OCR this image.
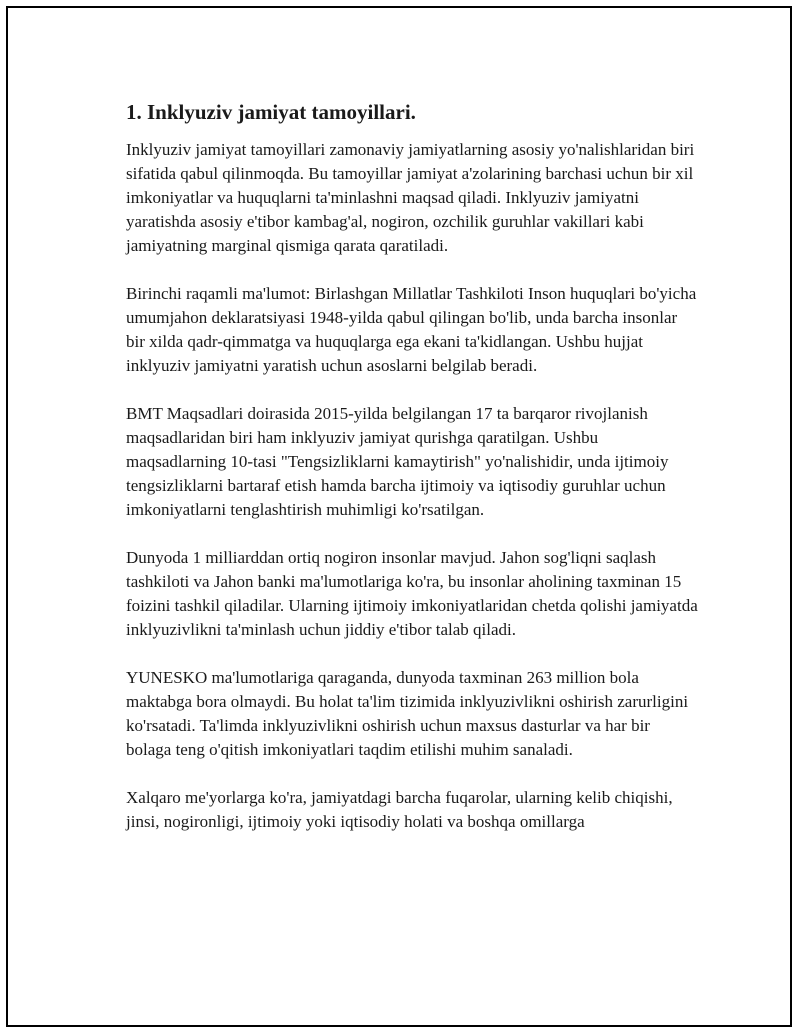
1. Inklyuziv jamiyat tamoyillari.

Inklyuziv jamiyat tamoyillari zamonaviy jamiyatlarning asosiy yo'nalishlaridan biri sifatida qabul qilinmoqda. Bu tamoyillar jamiyat a'zolarining barchasi uchun bir xil imkoniyatlar va huquqlarni ta'minlashni maqsad qiladi. Inklyuziv jamiyatni yaratishda asosiy e'tibor kambag'al, nogiron, ozchilik guruhlar vakillari kabi jamiyatning marginal qismiga qarata qaratiladi.

Birinchi raqamli ma'lumot: Birlashgan Millatlar Tashkiloti Inson huquqlari bo'yicha umumjahon deklaratsiyasi 1948-yilda qabul qilingan bo'lib, unda barcha insonlar bir xilda qadr-qimmatga va huquqlarga ega ekani ta'kidlangan. Ushbu hujjat inklyuziv jamiyatni yaratish uchun asoslarni belgilab beradi.

BMT Maqsadlari doirasida 2015-yilda belgilangan 17 ta barqaror rivojlanish maqsadlaridan biri ham inklyuziv jamiyat qurishga qaratilgan. Ushbu maqsadlarning 10-tasi "Tengsizliklarni kamaytirish" yo'nalishidir, unda ijtimoiy tengsizliklarni bartaraf etish hamda barcha ijtimoiy va iqtisodiy guruhlar uchun imkoniyatlarni tenglashtirish muhimligi ko'rsatilgan.

Dunyoda 1 milliarddan ortiq nogiron insonlar mavjud. Jahon sog'liqni saqlash tashkiloti va Jahon banki ma'lumotlariga ko'ra, bu insonlar aholining taxminan 15 foizini tashkil qiladilar. Ularning ijtimoiy imkoniyatlaridan chetda qolishi jamiyatda inklyuzivlikni ta'minlash uchun jiddiy e'tibor talab qiladi.

YUNESKO ma'lumotlariga qaraganda, dunyoda taxminan 263 million bola maktabga bora olmaydi. Bu holat ta'lim tizimida inklyuzivlikni oshirish zarurligini ko'rsatadi. Ta'limda inklyuzivlikni oshirish uchun maxsus dasturlar va har bir bolaga teng o'qitish imkoniyatlari taqdim etilishi muhim sanaladi.

Xalqaro me'yorlarga ko'ra, jamiyatdagi barcha fuqarolar, ularning kelib chiqishi, jinsi, nogironligi, ijtimoiy yoki iqtisodiy holati va boshqa omillarga
